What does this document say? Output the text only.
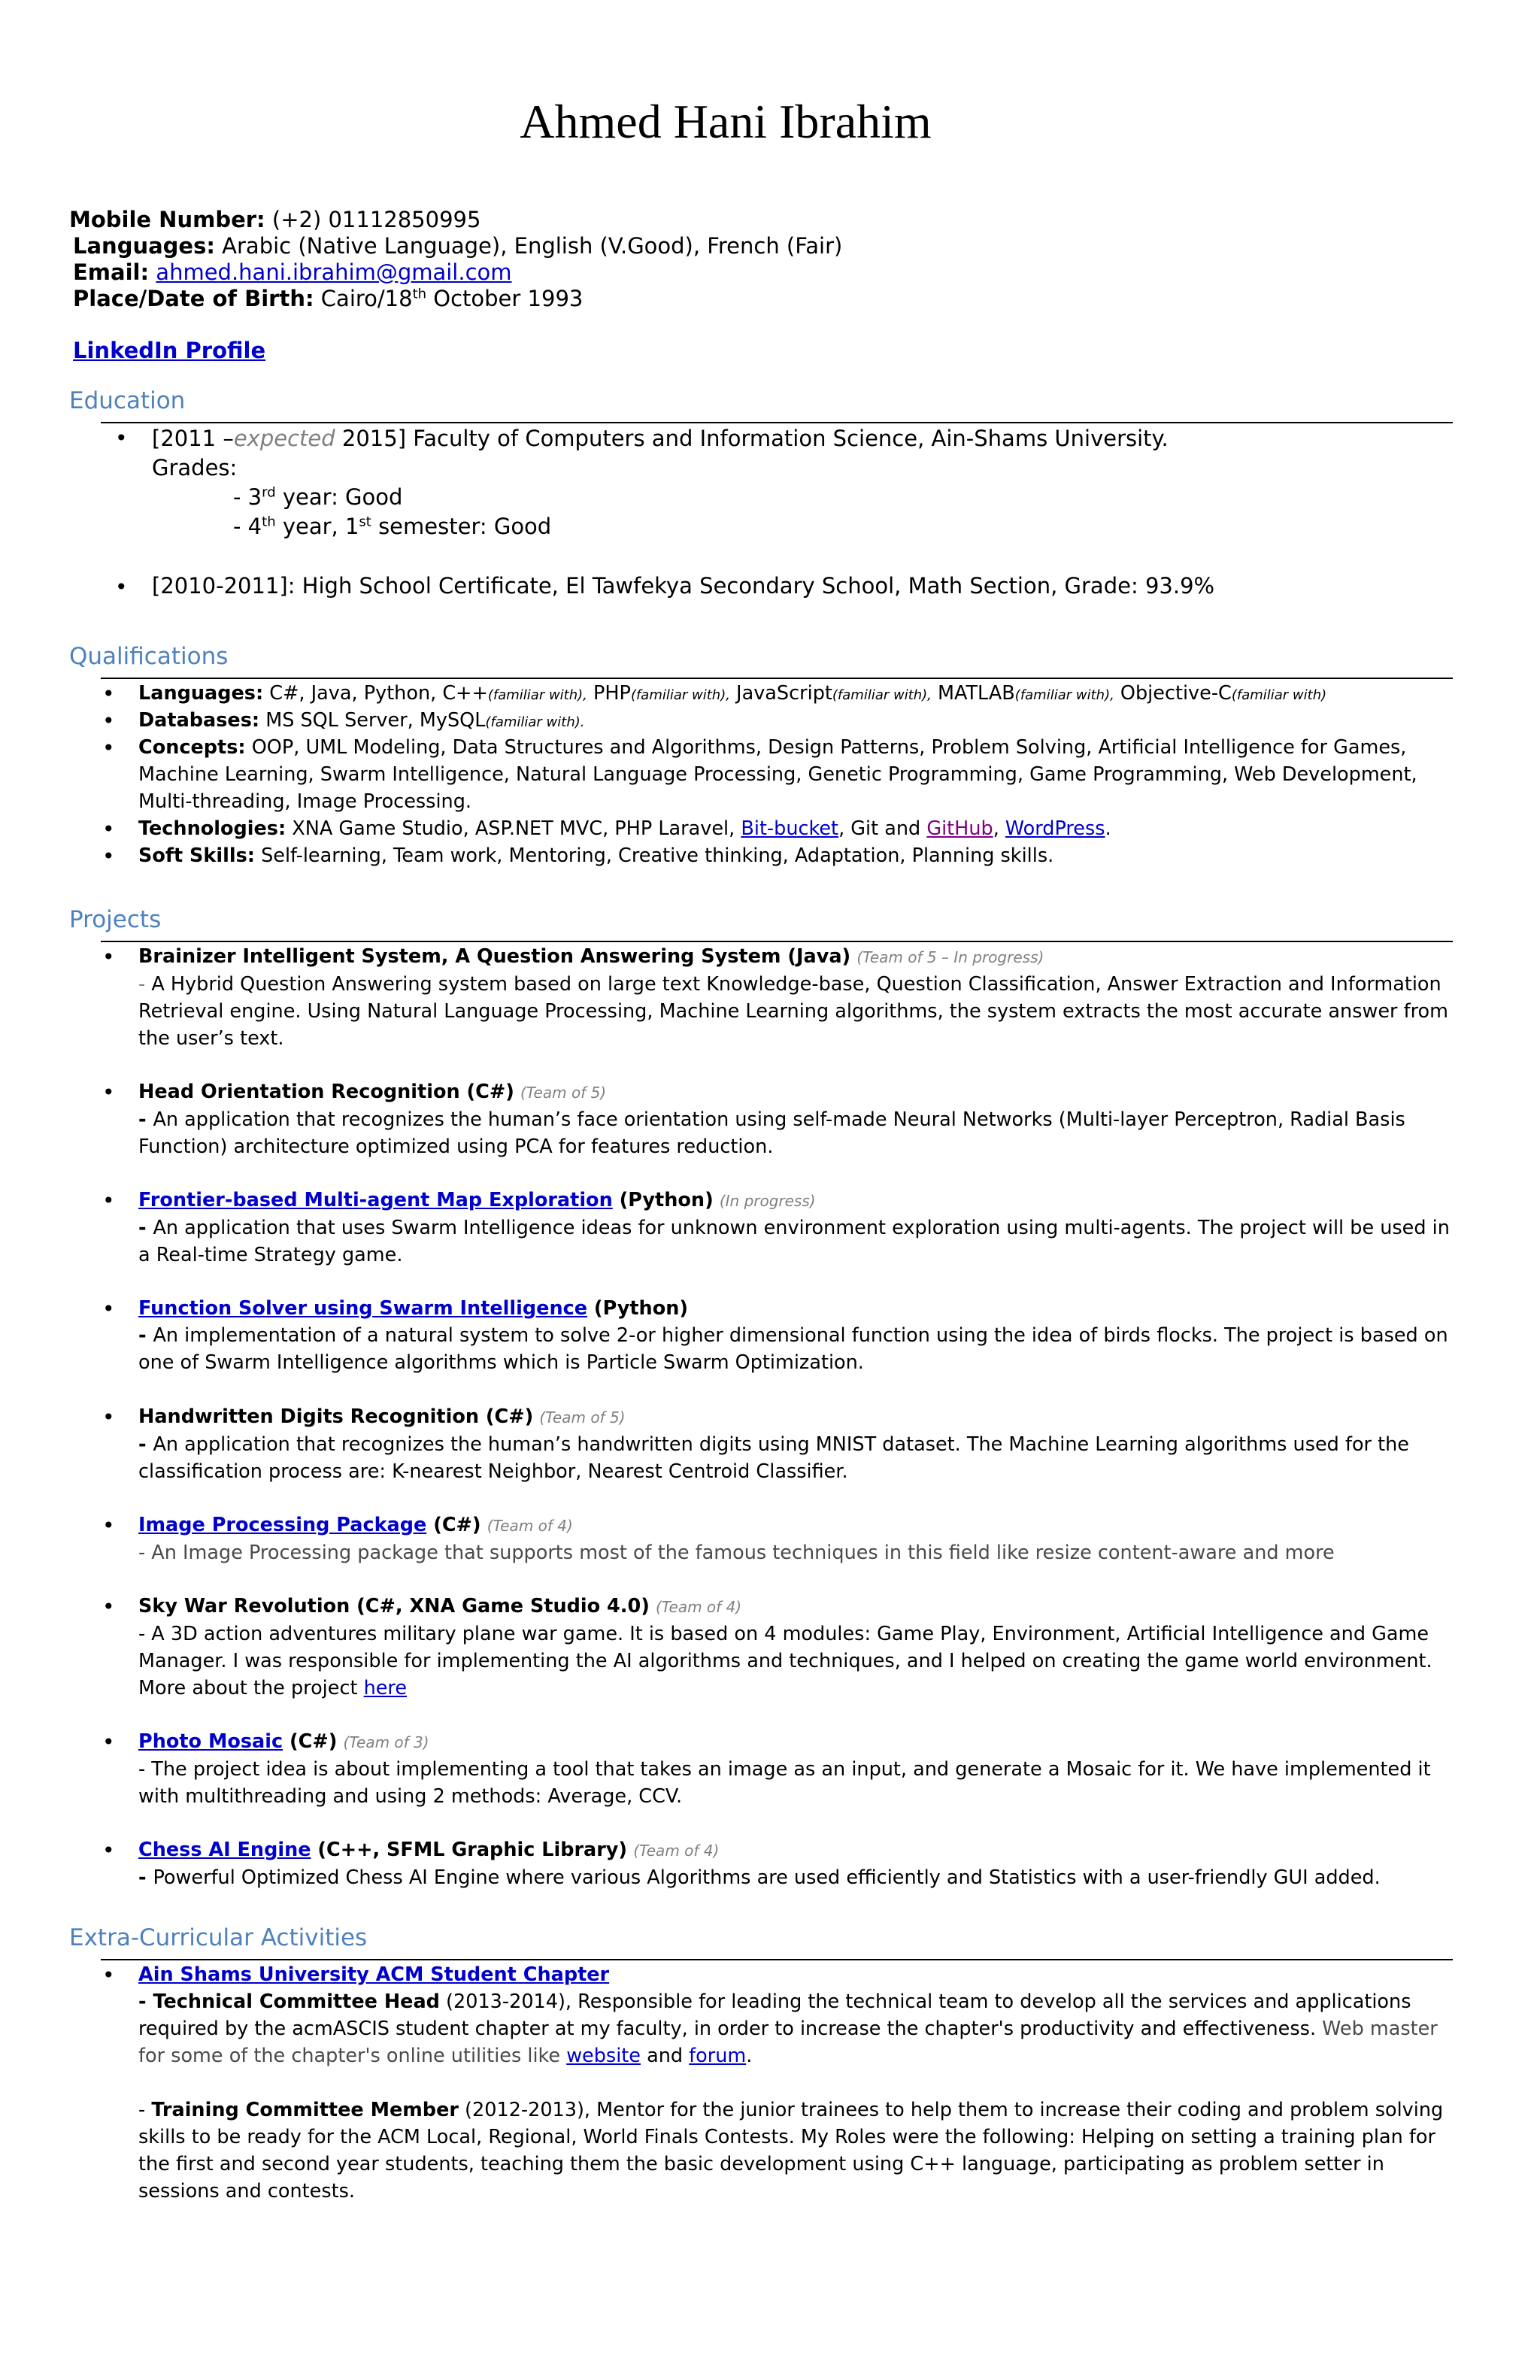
Ahmed Hani Ibrahim
Mobile Number: (+2) 01112850995
Languages: Arabic (Native Language), English (V.Good), French (Fair)
Email: ahmed.hani.ibrahim@gmail.com
Place/Date of Birth: Cairo/18th October 1993
LinkedIn Profile
Education
• [2011 –expected 2015] Faculty of Computers and Information Science, Ain-Shams University.
Grades:
- 3rd year: Good
- 4th year, 1st semester: Good
• [2010-2011]: High School Certificate, El Tawfekya Secondary School, Math Section, Grade: 93.9%
Qualifications
• Languages: C#, Java, Python, C++(familiar with), PHP(familiar with), JavaScript(familiar with), MATLAB(familiar with), Objective-C(familiar with)
• Databases: MS SQL Server, MySQL(familiar with).
• Concepts: OOP, UML Modeling, Data Structures and Algorithms, Design Patterns, Problem Solving, Artificial Intelligence for Games, Machine Learning, Swarm Intelligence, Natural Language Processing, Genetic Programming, Game Programming, Web Development, Multi-threading, Image Processing.
• Technologies: XNA Game Studio, ASP.NET MVC, PHP Laravel, Bit-bucket, Git and GitHub, WordPress.
• Soft Skills: Self-learning, Team work, Mentoring, Creative thinking, Adaptation, Planning skills.
Projects
• Brainizer Intelligent System, A Question Answering System (Java) (Team of 5 – In progress)
- A Hybrid Question Answering system based on large text Knowledge-base, Question Classification, Answer Extraction and Information Retrieval engine. Using Natural Language Processing, Machine Learning algorithms, the system extracts the most accurate answer from the user’s text.
• Head Orientation Recognition (C#) (Team of 5)
- An application that recognizes the human’s face orientation using self-made Neural Networks (Multi-layer Perceptron, Radial Basis Function) architecture optimized using PCA for features reduction.
• Frontier-based Multi-agent Map Exploration (Python) (In progress)
- An application that uses Swarm Intelligence ideas for unknown environment exploration using multi-agents. The project will be used in a Real-time Strategy game.
• Function Solver using Swarm Intelligence (Python)
- An implementation of a natural system to solve 2-or higher dimensional function using the idea of birds flocks. The project is based on one of Swarm Intelligence algorithms which is Particle Swarm Optimization.
• Handwritten Digits Recognition (C#) (Team of 5)
- An application that recognizes the human’s handwritten digits using MNIST dataset. The Machine Learning algorithms used for the classification process are: K-nearest Neighbor, Nearest Centroid Classifier.
• Image Processing Package (C#) (Team of 4)
- An Image Processing package that supports most of the famous techniques in this field like resize content-aware and more
• Sky War Revolution (C#, XNA Game Studio 4.0) (Team of 4)
- A 3D action adventures military plane war game. It is based on 4 modules: Game Play, Environment, Artificial Intelligence and Game Manager. I was responsible for implementing the AI algorithms and techniques, and I helped on creating the game world environment. More about the project here
• Photo Mosaic (C#) (Team of 3)
- The project idea is about implementing a tool that takes an image as an input, and generate a Mosaic for it. We have implemented it with multithreading and using 2 methods: Average, CCV.
• Chess AI Engine (C++, SFML Graphic Library) (Team of 4)
- Powerful Optimized Chess AI Engine where various Algorithms are used efficiently and Statistics with a user-friendly GUI added.
Extra-Curricular Activities
• Ain Shams University ACM Student Chapter
- Technical Committee Head (2013-2014), Responsible for leading the technical team to develop all the services and applications required by the acmASCIS student chapter at my faculty, in order to increase the chapter's productivity and effectiveness. Web master for some of the chapter's online utilities like website and forum.
- Training Committee Member (2012-2013), Mentor for the junior trainees to help them to increase their coding and problem solving skills to be ready for the ACM Local, Regional, World Finals Contests. My Roles were the following: Helping on setting a training plan for the first and second year students, teaching them the basic development using C++ language, participating as problem setter in sessions and contests.
